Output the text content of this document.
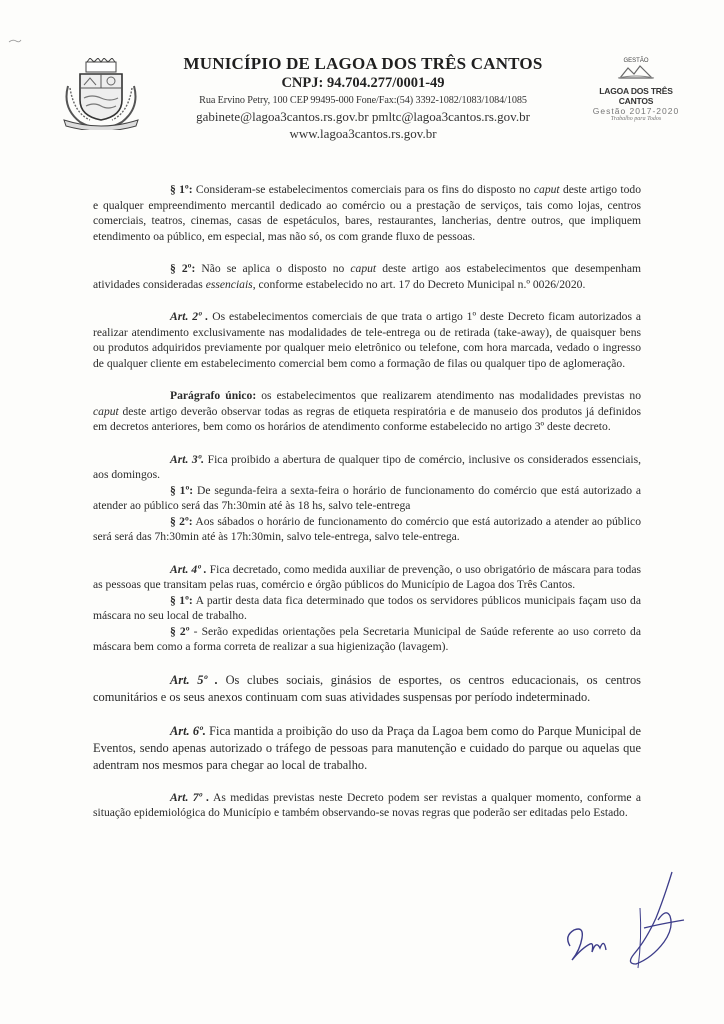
MUNICÍPIO DE LAGOA DOS TRÊS CANTOS
CNPJ: 94.704.277/0001-49
Rua Ervino Petry, 100 CEP 99495-000 Fone/Fax:(54) 3392-1082/1083/1084/1085
gabinete@lagoa3cantos.rs.gov.br pmltc@lagoa3cantos.rs.gov.br
www.lagoa3cantos.rs.gov.br
GESTÃO
LAGOA DOS TRÊS CANTOS
Gestão 2017-2020
Trabalho para Todos

§ 1º: Consideram-se estabelecimentos comerciais para os fins do disposto no caput deste artigo todo e qualquer empreendimento mercantil dedicado ao comércio ou a prestação de serviços, tais como lojas, centros comerciais, teatros, cinemas, casas de espetáculos, bares, restaurantes, lancherias, dentre outros, que impliquem etendimento oa público, em especial, mas não só, os com grande fluxo de pessoas.

§ 2º: Não se aplica o disposto no caput deste artigo aos estabelecimentos que desempenham atividades consideradas essenciais, conforme estabelecido no art. 17 do Decreto Municipal n.º 0026/2020.

Art. 2º . Os estabelecimentos comerciais de que trata o artigo 1º deste Decreto ficam autorizados a realizar atendimento exclusivamente nas modalidades de tele-entrega ou de retirada (take-away), de quaisquer bens ou produtos adquiridos previamente por qualquer meio eletrônico ou telefone, com hora marcada, vedado o ingresso de qualquer cliente em estabelecimento comercial bem como a formação de filas ou qualquer tipo de aglomeração.

Parágrafo único: os estabelecimentos que realizarem atendimento nas modalidades previstas no caput deste artigo deverão observar todas as regras de etiqueta respiratória e de manuseio dos produtos já definidos em decretos anteriores, bem como os horários de atendimento conforme estabelecido no artigo 3º deste decreto.

Art. 3º. Fica proibido a abertura de qualquer tipo de comércio, inclusive os considerados essenciais, aos domingos.

§ 1º: De segunda-feira a sexta-feira o horário de funcionamento do comércio que está autorizado a atender ao público será das 7h:30min até às 18 hs, salvo tele-entrega

§ 2º: Aos sábados o horário de funcionamento do comércio que está autorizado a atender ao público será será das 7h:30min até às 17h:30min, salvo tele-entrega, salvo tele-entrega.

Art. 4º . Fica decretado, como medida auxiliar de prevenção, o uso obrigatório de máscara para todas as pessoas que transitam pelas ruas, comércio e órgão públicos do Município de Lagoa dos Três Cantos.

§ 1º: A partir desta data fica determinado que todos os servidores públicos municipais façam uso da máscara no seu local de trabalho.

§ 2º - Serão expedidas orientações pela Secretaria Municipal de Saúde referente ao uso correto da máscara bem como a forma correta de realizar a sua higienização (lavagem).

Art. 5º . Os clubes sociais, ginásios de esportes, os centros educacionais, os centros comunitários e os seus anexos continuam com suas atividades suspensas por período indeterminado.

Art. 6º. Fica mantida a proibição do uso da Praça da Lagoa bem como do Parque Municipal de Eventos, sendo apenas autorizado o tráfego de pessoas para manutenção e cuidado do parque ou aquelas que adentram nos mesmos para chegar ao local de trabalho.

Art. 7º . As medidas previstas neste Decreto podem ser revistas a qualquer momento, conforme a situação epidemiológica do Município e também observando-se novas regras que poderão ser editadas pelo Estado.
